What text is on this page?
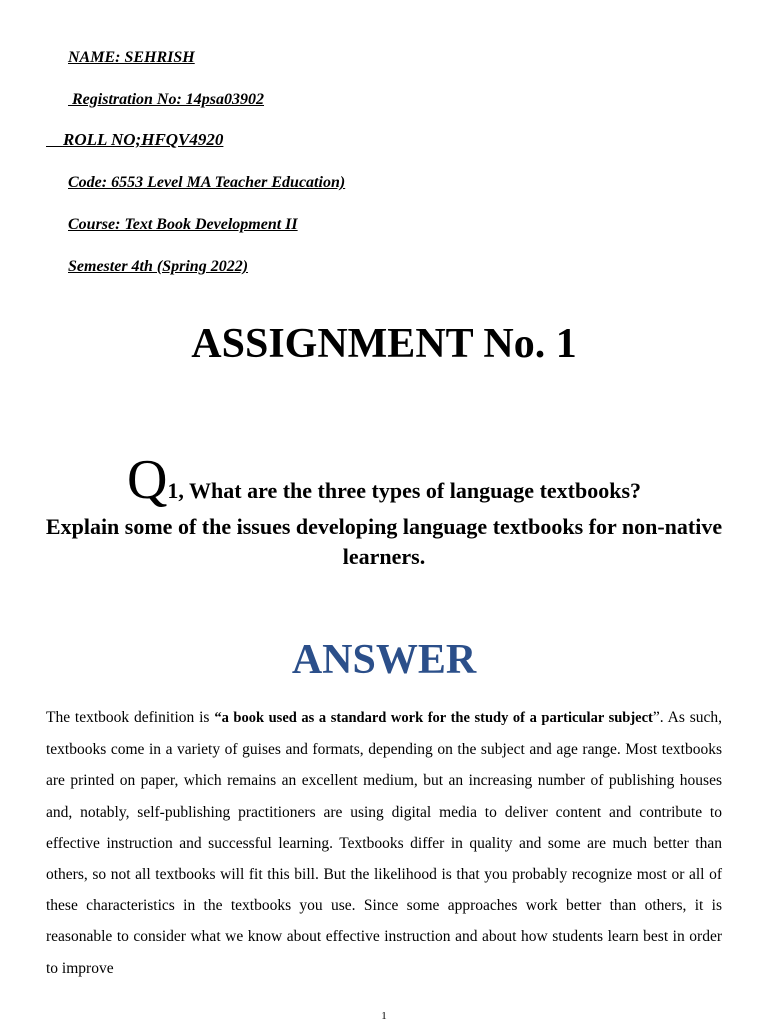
NAME: SEHRISH
Registration No: 14psa03902
ROLL NO;HFQV4920
Code: 6553 Level MA Teacher Education)
Course: Text Book Development II
Semester 4th (Spring 2022)
ASSIGNMENT No. 1
Q1, What are the three types of language textbooks?
Explain some of the issues developing language textbooks for non-native learners.
ANSWER
The textbook definition is “a book used as a standard work for the study of a particular subject”. As such, textbooks come in a variety of guises and formats, depending on the subject and age range. Most textbooks are printed on paper, which remains an excellent medium, but an increasing number of publishing houses and, notably, self-publishing practitioners are using digital media to deliver content and contribute to effective instruction and successful learning. Textbooks differ in quality and some are much better than others, so not all textbooks will fit this bill. But the likelihood is that you probably recognize most or all of these characteristics in the textbooks you use. Since some approaches work better than others, it is reasonable to consider what we know about effective instruction and about how students learn best in order to improve
1
